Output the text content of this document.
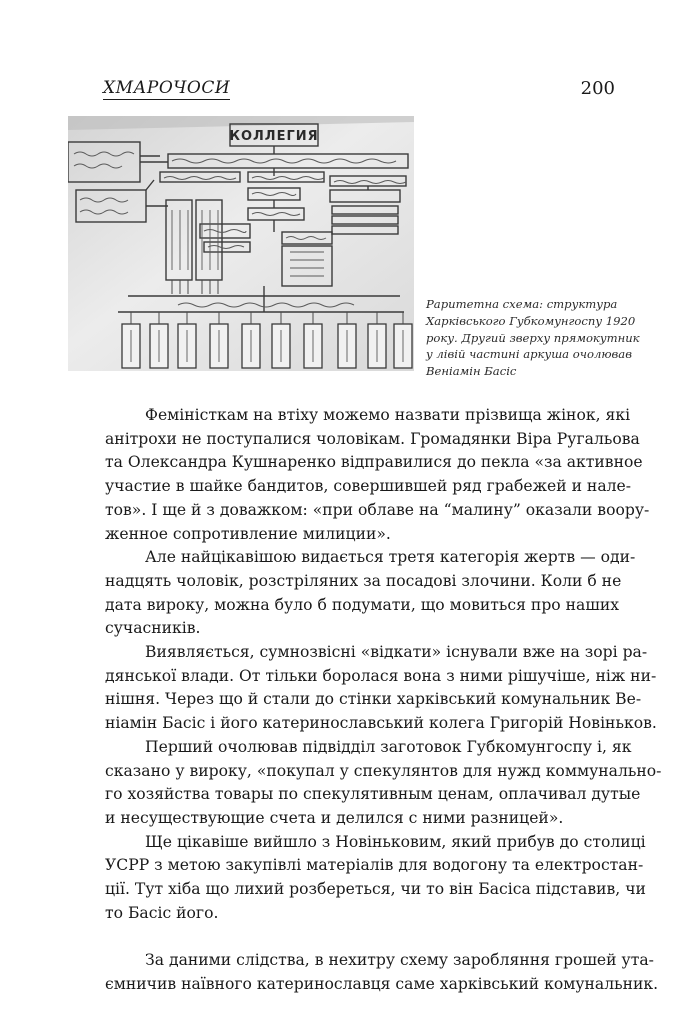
ХМАРОЧОСИ	200
КОЛЛЕГИЯ
Раритетна схема: структура
Харківського Губкомунгоспу 1920
року. Другий зверху прямокутник
у лівій частині аркуша очолював
Веніамін Басіс

Феміністкам на втіху можемо назвати прізвища жінок, які
анітрохи не поступалися чоловікам. Громадянки Віра Ругальова
та Олександра Кушнаренко відправилися до пекла «за активное
участие в шайке бандитов, совершившей ряд грабежей и нале-
тов». І ще й з доважком: «при облаве на “малину” оказали воору-
женное сопротивление милиции».

Але найцікавішою видається третя категорія жертв — оди-
надцять чоловік, розстріляних за посадові злочини. Коли б не
дата вироку, можна було б подумати, що мовиться про наших
сучасників.

Виявляється, сумнозвісні «відкати» існували вже на зорі ра-
дянської влади. От тільки боролася вона з ними рішучіше, ніж ни-
нішня. Через що й стали до стінки харківський комунальник Ве-
ніамін Басіс і його катеринославський колега Григорій Новіньков.

Перший очолював підвідділ заготовок Губкомунгоспу і, як
сказано у вироку, «покупал у спекулянтов для нужд коммунально-
го хозяйства товары по спекулятивным ценам, оплачивал дутые
и несуществующие счета и делился с ними разницей».

Ще цікавіше вийшло з Новіньковим, який прибув до столиці
УСРР з метою закупівлі матеріалів для водогону та електростан-
ції. Тут хіба що лихий розбереться, чи то він Басіса підставив, чи
то Басіс його.

За даними слідства, в нехитру схему заробляння грошей ута-
ємничив наївного катеринославця саме харківський комунальник.
